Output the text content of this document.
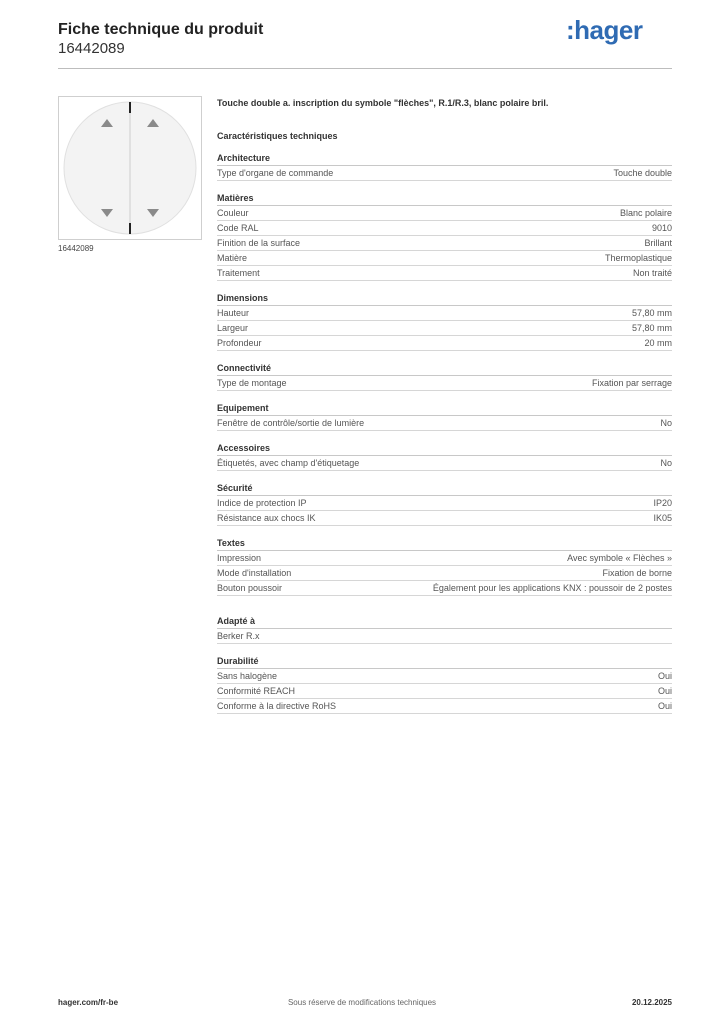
Fiche technique du produit
16442089
:hager
16442089
Touche double a. inscription du symbole "flèches", R.1/R.3, blanc polaire bril.
Caractéristiques techniques
Architecture
Type d'organe de commande	Touche double
Matières
Couleur	Blanc polaire
Code RAL	9010
Finition de la surface	Brillant
Matière	Thermoplastique
Traitement	Non traité
Dimensions
Hauteur	57,80 mm
Largeur	57,80 mm
Profondeur	20 mm
Connectivité
Type de montage	Fixation par serrage
Equipement
Fenêtre de contrôle/sortie de lumière	No
Accessoires
Étiquetés, avec champ d'étiquetage	No
Sécurité
Indice de protection IP	IP20
Résistance aux chocs IK	IK05
Textes
Impression	Avec symbole « Flèches »
Mode d'installation	Fixation de borne
Bouton poussoir	Également pour les applications KNX : poussoir de 2 postes
Adapté à
Berker R.x
Durabilité
Sans halogène	Oui
Conformité REACH	Oui
Conforme à la directive RoHS	Oui
hager.com/fr-be	Sous réserve de modifications techniques	20.12.2025
